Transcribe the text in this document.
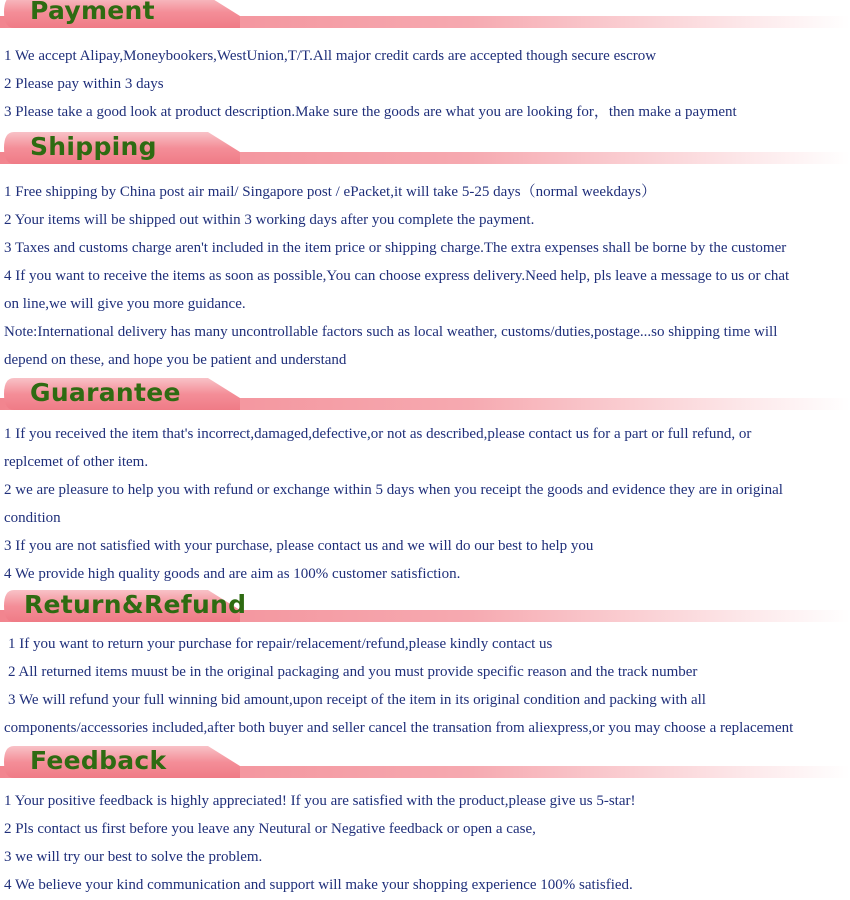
Payment
1 We accept Alipay,Moneybookers,WestUnion,T/T.All major credit cards are accepted though secure escrow
2 Please pay within 3 days
3 Please take a good look at product description.Make sure the goods are what you are looking for，then make a payment
Shipping
1 Free shipping by China post air mail/ Singapore post / ePacket,it will take 5-25 days（normal weekdays）
2 Your items will be shipped out within 3 working days after you complete the payment.
3 Taxes and customs charge aren't included in the item price or shipping charge.The extra expenses shall be borne by the customer
4 If you want to receive the items as soon as possible,You can choose express delivery.Need help, pls leave a message to us or chat
on line,we will give you more guidance.
Note:International delivery has many uncontrollable factors such as local weather, customs/duties,postage...so shipping time will
depend on these, and hope you be patient and understand
Guarantee
1 If you received the item that's incorrect,damaged,defective,or not as described,please contact us for a part or full refund, or
replcemet of other item.
2 we are pleasure to help you with refund or exchange within 5 days when you receipt the goods and evidence they are in original
condition
3 If you are not satisfied with your purchase, please contact us and we will do our best to help you
4 We provide high quality goods and are aim as 100% customer satisfiction.
Return&Refund
1 If you want to return your purchase for repair/relacement/refund,please kindly contact us
2 All returned items muust be in the original packaging and you must provide specific reason and the track number
3 We will refund your full winning bid amount,upon receipt of the item in its original condition and packing with all
components/accessories included,after both buyer and seller cancel the transation from aliexpress,or you may choose a replacement
Feedback
1 Your positive feedback is highly appreciated! If you are satisfied with the product,please give us 5-star!
2 Pls contact us first before you leave any Neutural or Negative feedback or open a case,
3 we will try our best to solve the problem.
4 We believe your kind communication and support will make your shopping experience 100% satisfied.
